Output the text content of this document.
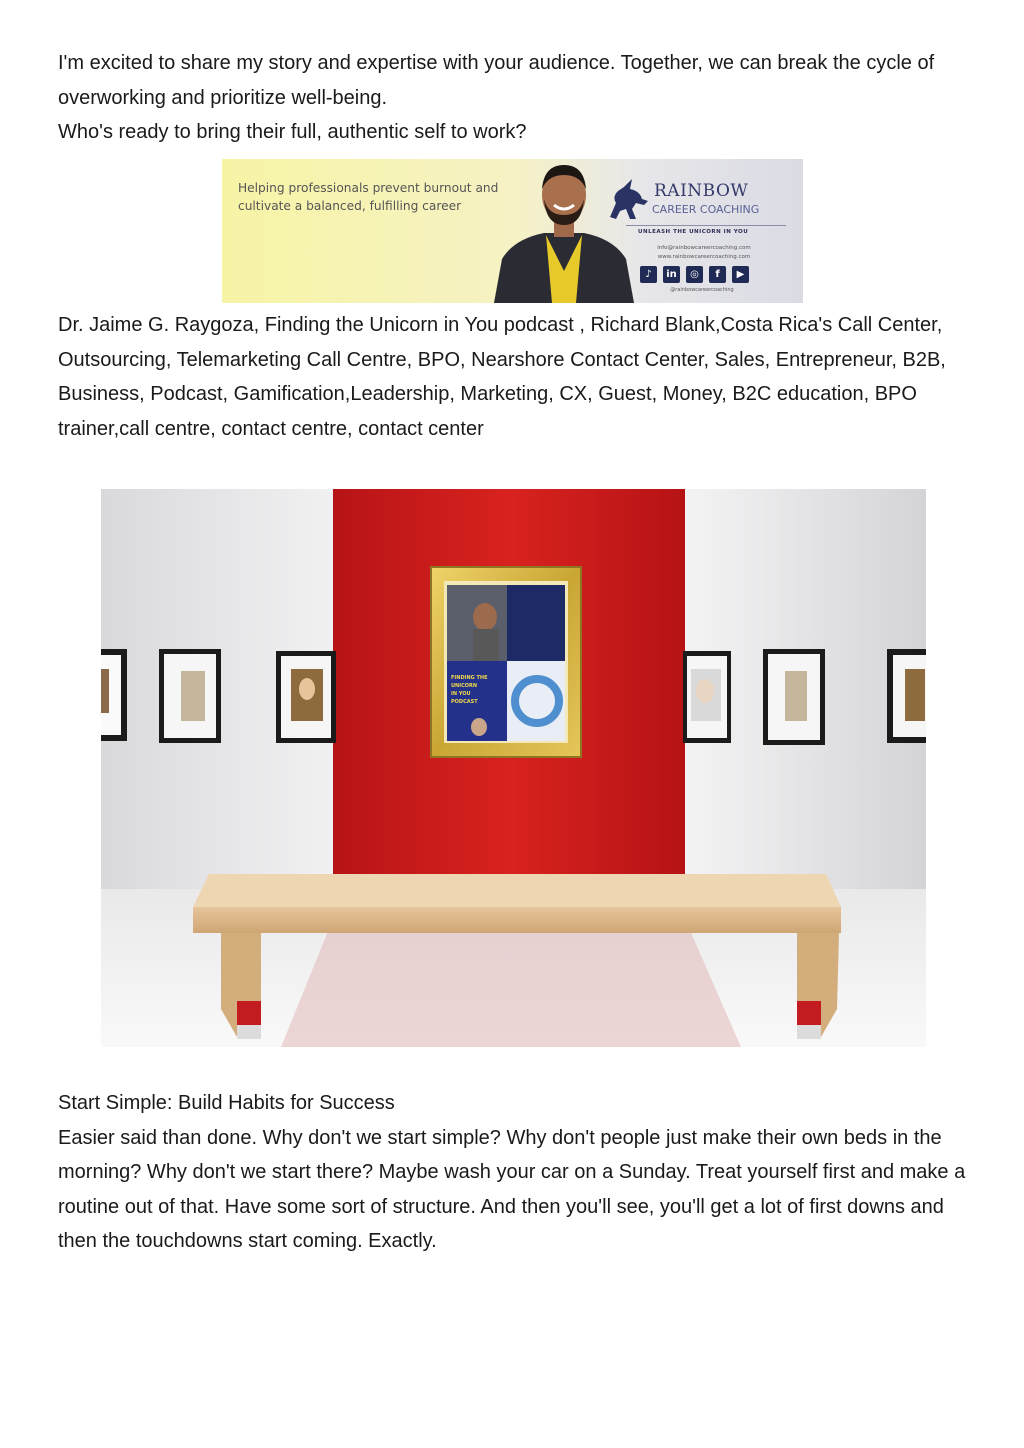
I'm excited to share my story and expertise with your audience. Together, we can break the cycle of overworking and prioritize well-being.
Who's ready to bring their full, authentic self to work?
Helping professionals prevent burnout and cultivate a balanced, fulfilling career
RAINBOW
CAREER COACHING
UNLEASH THE UNICORN IN YOU
info@rainbowcareercoaching.com
www.rainbowcareercoaching.com
♪	in	◎	f	▶
@rainbowcareercoaching

Dr. Jaime G. Raygoza, Finding the Unicorn in You podcast , Richard Blank,Costa Rica's Call Center, Outsourcing, Telemarketing Call Centre, BPO, Nearshore Contact Center, Sales, Entrepreneur, B2B, Business, Podcast, Gamification,Leadership, Marketing, CX, Guest, Money, B2C education, BPO trainer,call centre, contact centre, contact center

FINDING THE
UNICORN
IN YOU
PODCAST
Start Simple: Build Habits for Success
Easier said than done. Why don't we start simple? Why don't people just make their own beds in the morning? Why don't we start there? Maybe wash your car on a Sunday. Treat yourself first and make a routine out of that. Have some sort of structure. And then you'll see, you'll get a lot of first downs and then the touchdowns start coming. Exactly.
